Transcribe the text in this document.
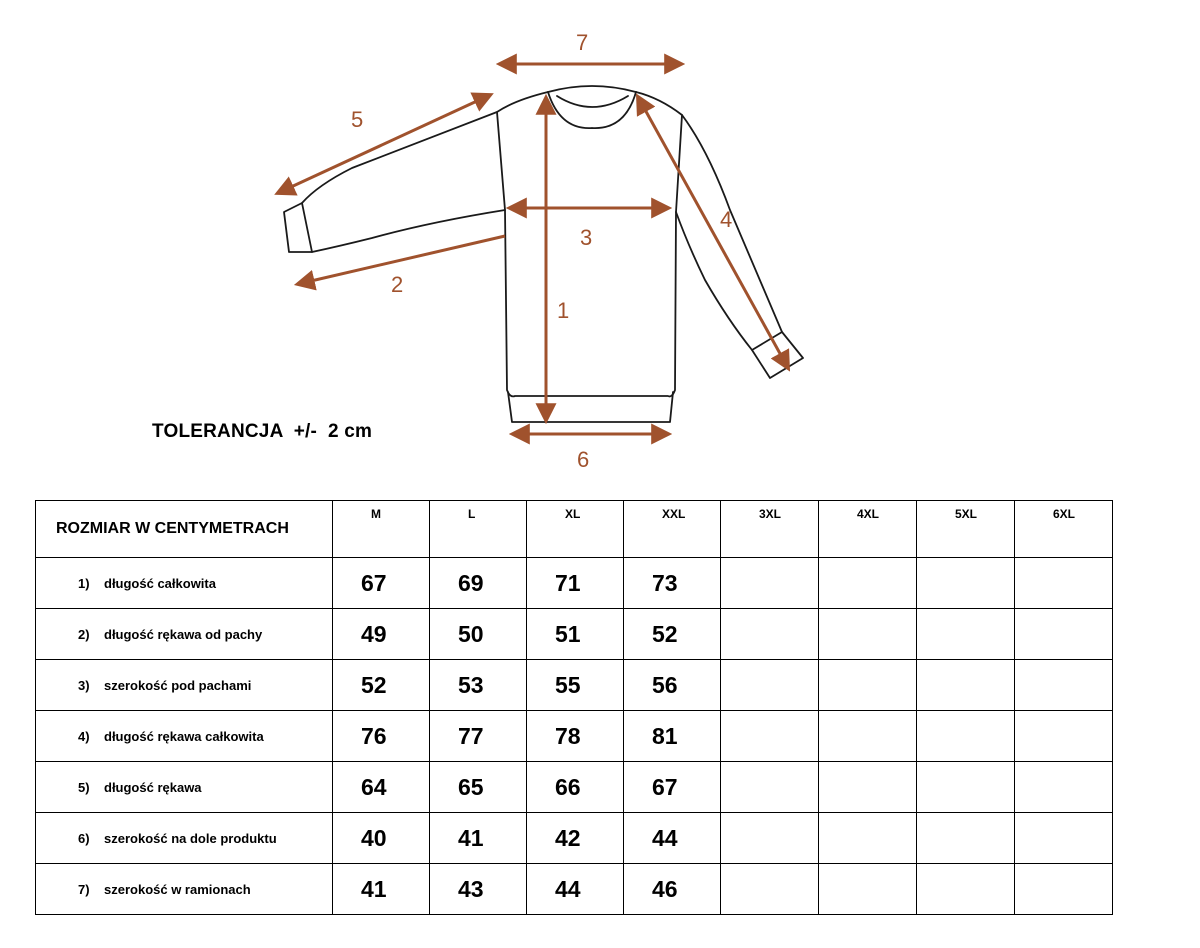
1
2
3
4
5
6
7
TOLERANCJA  +/-  2 cm
ROZMIAR W CENTYMETRACH	M	L	XL	XXL	3XL	4XL	5XL	6XL
1) długość całkowita	67	69	71	73				
2) długość rękawa od pachy	49	50	51	52				
3) szerokość pod pachami	52	53	55	56				
4) długość rękawa całkowita	76	77	78	81				
5) długość rękawa	64	65	66	67				
6) szerokość na dole produktu	40	41	42	44				
7) szerokość w ramionach	41	43	44	46				
